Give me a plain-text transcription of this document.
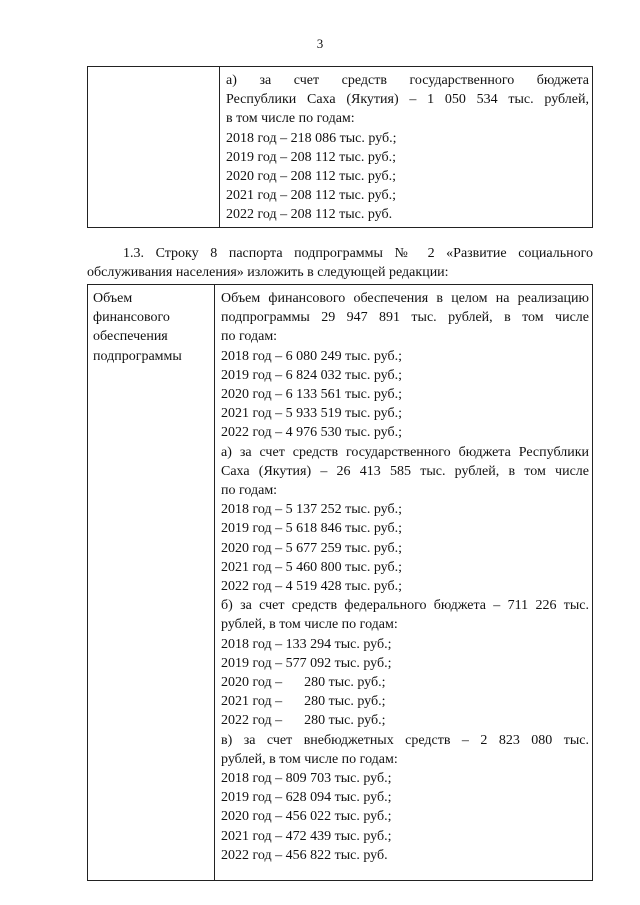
3

а) за счет средств государственного бюджета
Республики Саха (Якутия) – 1 050 534 тыс. рублей,
в том числе по годам:
2018 год – 218 086 тыс. руб.;
2019 год – 208 112 тыс. руб.;
2020 год – 208 112 тыс. руб.;
2021 год – 208 112 тыс. руб.;
2022 год – 208 112 тыс. руб.
1.3. Строку 8 паспорта подпрограммы № 2 «Развитие социального
обслуживания населения» изложить в следующей редакции:
Объем
финансового
обеспечения
подпрограммы

Объем финансового обеспечения в целом на реализацию
подпрограммы 29 947 891 тыс. рублей, в том числе
по годам:
2018 год – 6 080 249 тыс. руб.;
2019 год – 6 824 032 тыс. руб.;
2020 год – 6 133 561 тыс. руб.;
2021 год – 5 933 519 тыс. руб.;
2022 год – 4 976 530 тыс. руб.;
а) за счет средств государственного бюджета Республики
Саха (Якутия) – 26 413 585 тыс. рублей, в том числе
по годам:
2018 год – 5 137 252 тыс. руб.;
2019 год – 5 618 846 тыс. руб.;
2020 год – 5 677 259 тыс. руб.;
2021 год – 5 460 800 тыс. руб.;
2022 год – 4 519 428 тыс. руб.;
б) за счет средств федерального бюджета – 711 226 тыс.
рублей, в том числе по годам:
2018 год – 133 294 тыс. руб.;
2019 год – 577 092 тыс. руб.;
2020 год – 280 тыс. руб.;
2021 год – 280 тыс. руб.;
2022 год – 280 тыс. руб.;
в) за счет внебюджетных средств – 2 823 080 тыс.
рублей, в том числе по годам:
2018 год – 809 703 тыс. руб.;
2019 год – 628 094 тыс. руб.;
2020 год – 456 022 тыс. руб.;
2021 год – 472 439 тыс. руб.;
2022 год – 456 822 тыс. руб.
